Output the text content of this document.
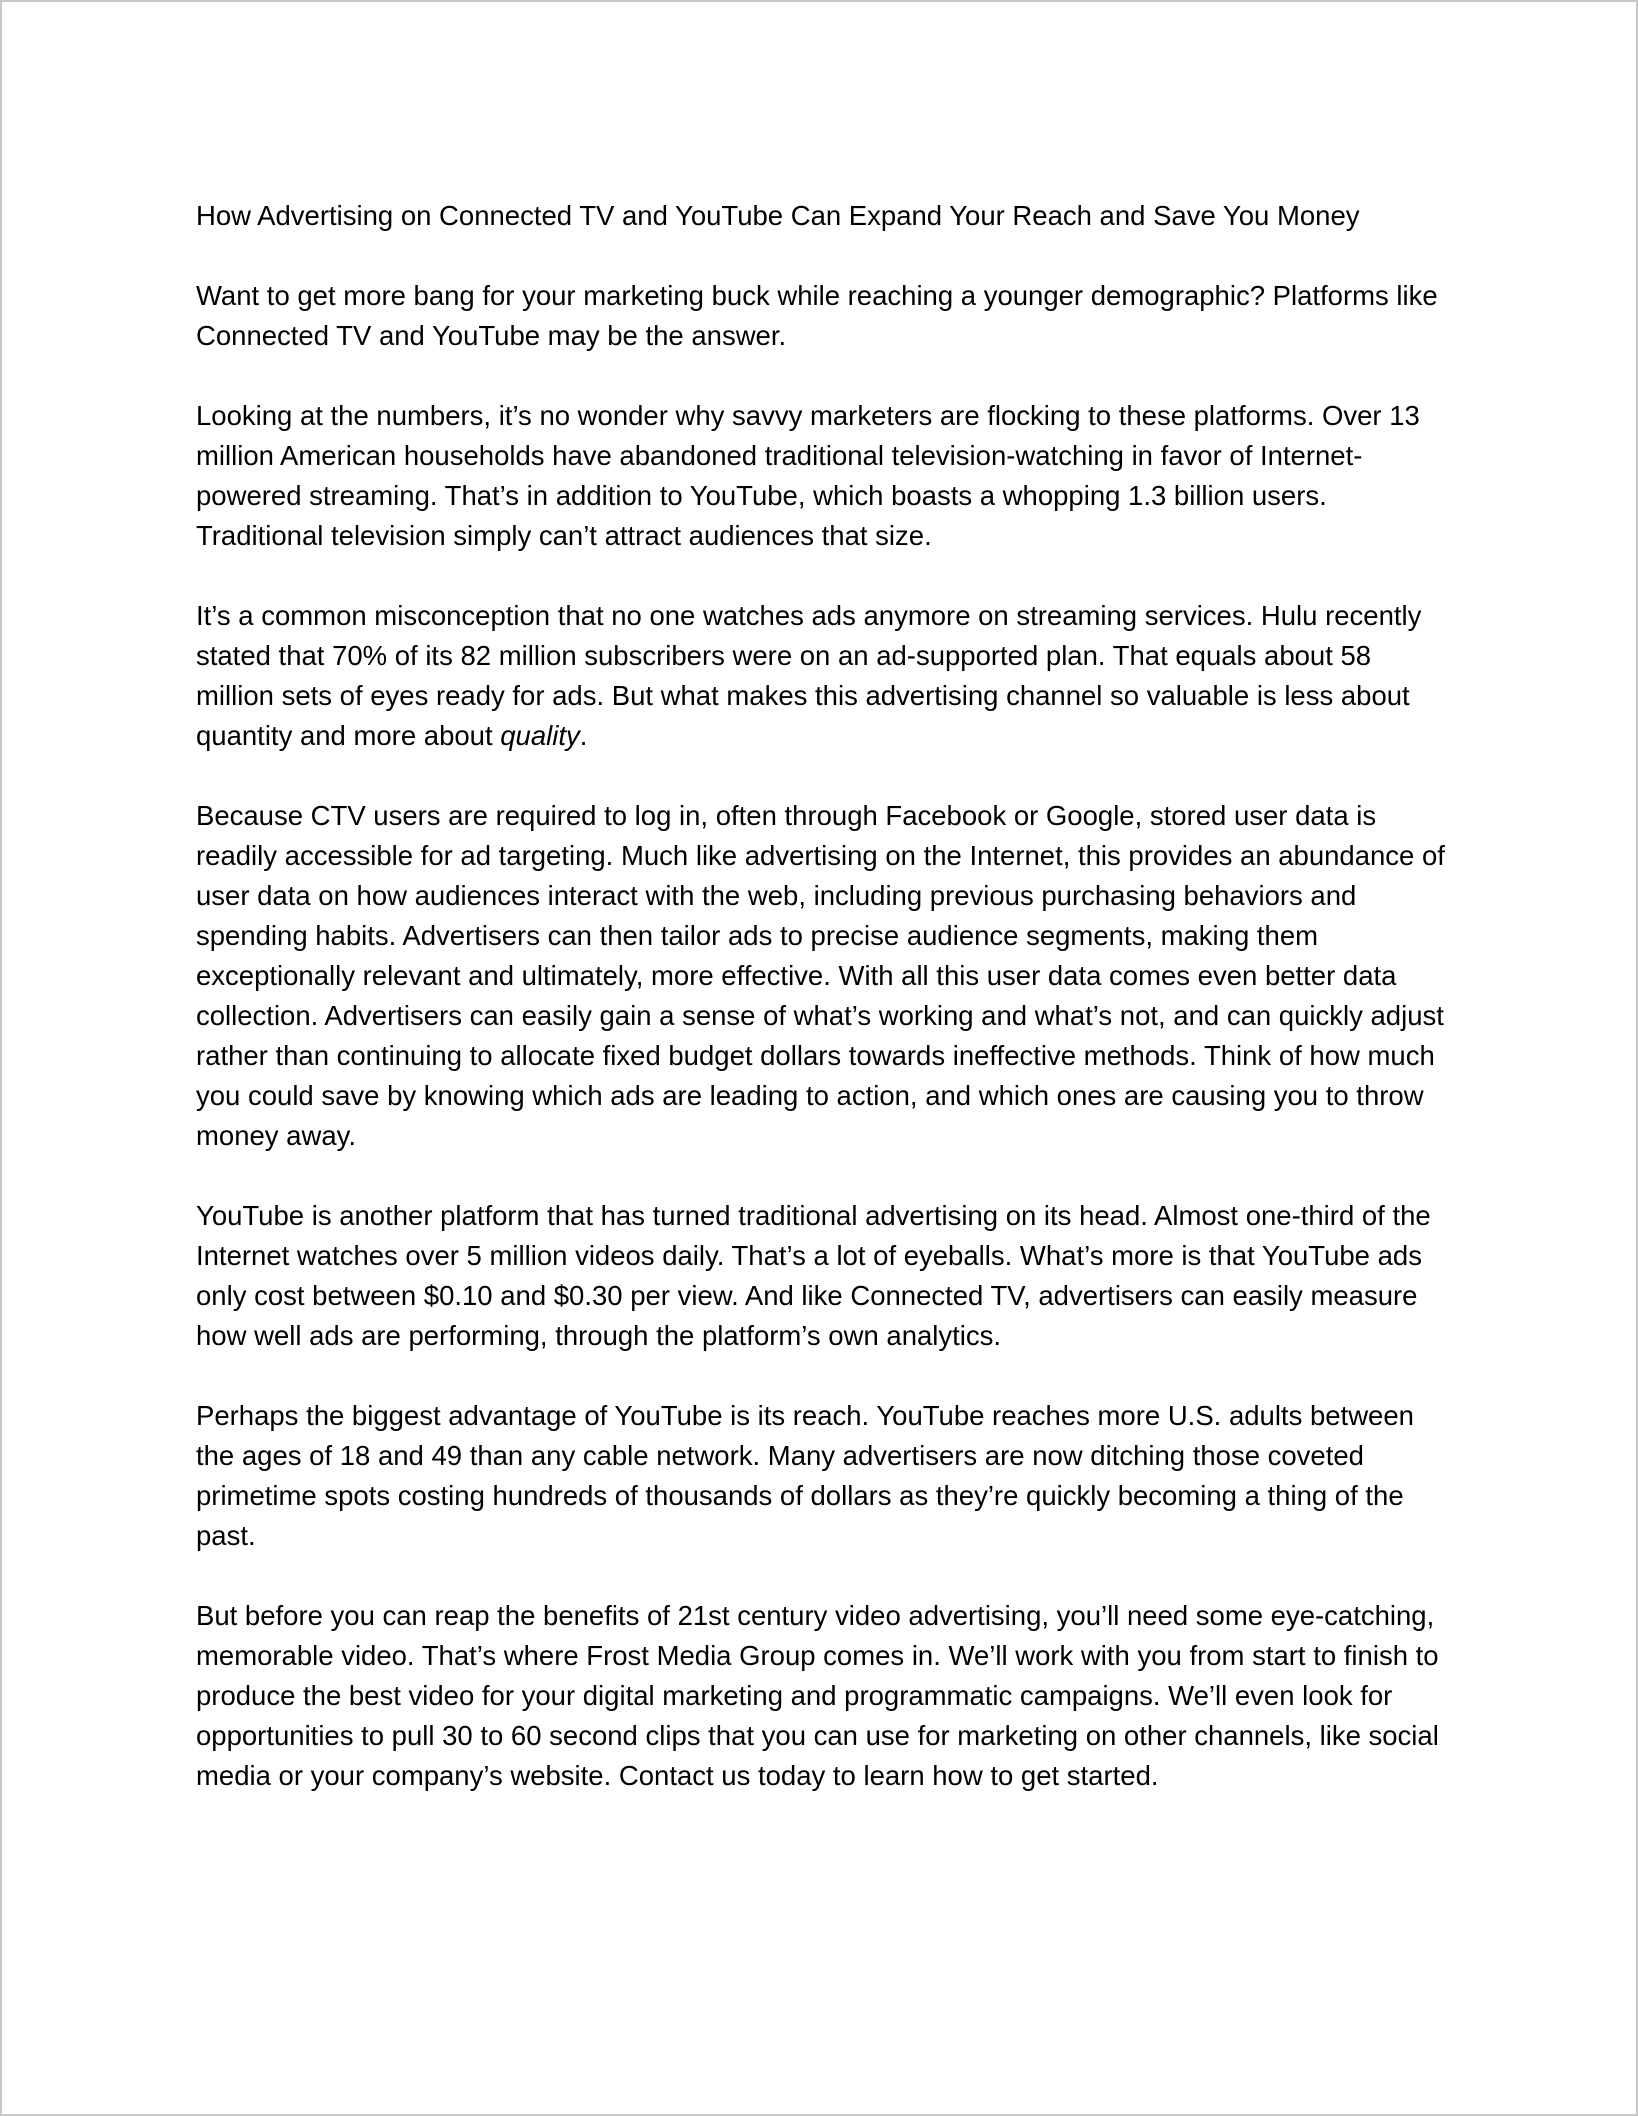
How Advertising on Connected TV and YouTube Can Expand Your Reach and Save You Money

Want to get more bang for your marketing buck while reaching a younger demographic? Platforms like Connected TV and YouTube may be the answer.

Looking at the numbers, it’s no wonder why savvy marketers are flocking to these platforms. Over 13 million American households have abandoned traditional television-watching in favor of Internet-powered streaming. That’s in addition to YouTube, which boasts a whopping 1.3 billion users. Traditional television simply can’t attract audiences that size.

It’s a common misconception that no one watches ads anymore on streaming services. Hulu recently stated that 70% of its 82 million subscribers were on an ad-supported plan. That equals about 58 million sets of eyes ready for ads. But what makes this advertising channel so valuable is less about quantity and more about quality.

Because CTV users are required to log in, often through Facebook or Google, stored user data is readily accessible for ad targeting. Much like advertising on the Internet, this provides an abundance of user data on how audiences interact with the web, including previous purchasing behaviors and spending habits. Advertisers can then tailor ads to precise audience segments, making them exceptionally relevant and ultimately, more effective. With all this user data comes even better data collection. Advertisers can easily gain a sense of what’s working and what’s not, and can quickly adjust rather than continuing to allocate fixed budget dollars towards ineffective methods. Think of how much you could save by knowing which ads are leading to action, and which ones are causing you to throw money away.

YouTube is another platform that has turned traditional advertising on its head. Almost one-third of the Internet watches over 5 million videos daily. That’s a lot of eyeballs. What’s more is that YouTube ads only cost between $0.10 and $0.30 per view. And like Connected TV, advertisers can easily measure how well ads are performing, through the platform’s own analytics.

Perhaps the biggest advantage of YouTube is its reach. YouTube reaches more U.S. adults between the ages of 18 and 49 than any cable network. Many advertisers are now ditching those coveted primetime spots costing hundreds of thousands of dollars as they’re quickly becoming a thing of the past.

But before you can reap the benefits of 21st century video advertising, you’ll need some eye-catching, memorable video. That’s where Frost Media Group comes in. We’ll work with you from start to finish to produce the best video for your digital marketing and programmatic campaigns. We’ll even look for opportunities to pull 30 to 60 second clips that you can use for marketing on other channels, like social media or your company’s website. Contact us today to learn how to get started.
